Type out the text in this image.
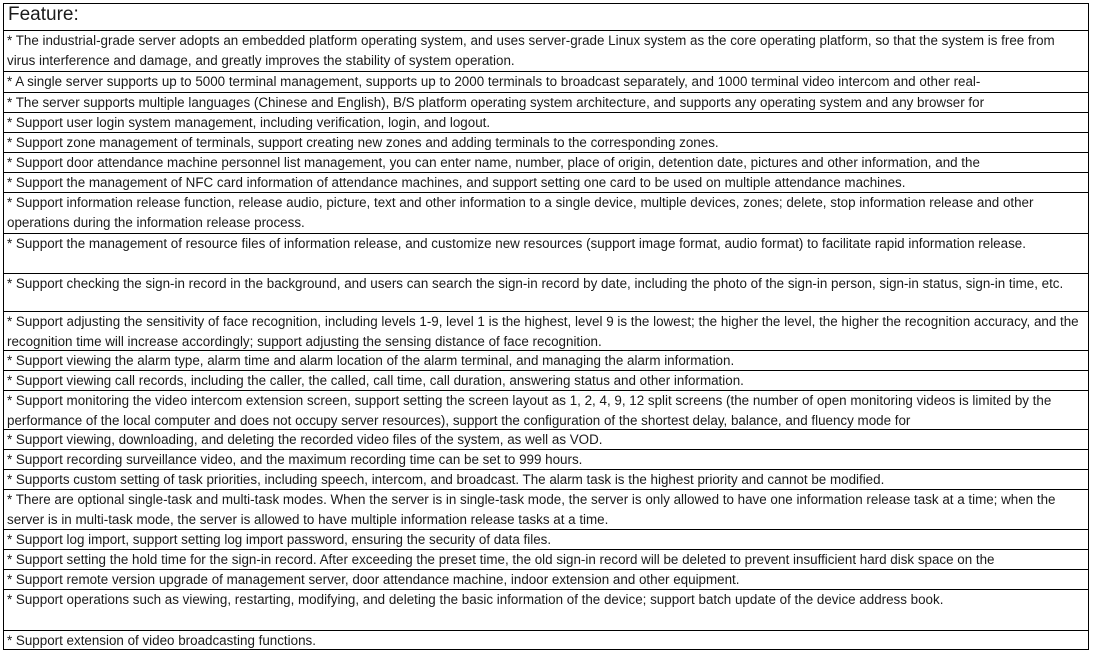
Feature:
* The industrial-grade server adopts an embedded platform operating system, and uses server-grade Linux system as the core operating platform, so that the system is free from virus interference and damage, and greatly improves the stability of system operation.
* A single server supports up to 5000 terminal management, supports up to 2000 terminals to broadcast separately, and 1000 terminal video intercom and other real-
* The server supports multiple languages (Chinese and English), B/S platform operating system architecture, and supports any operating system and any browser for
* Support user login system management, including verification, login, and logout.
* Support zone management of terminals, support creating new zones and adding terminals to the corresponding zones.
* Support door attendance machine personnel list management, you can enter name, number, place of origin, detention date, pictures and other information, and the
* Support the management of NFC card information of attendance machines, and support setting one card to be used on multiple attendance machines.
* Support information release function, release audio, picture, text and other information to a single device, multiple devices, zones; delete, stop information release and other operations during the information release process.
* Support the management of resource files of information release, and customize new resources (support image format, audio format) to facilitate rapid information release.
* Support checking the sign-in record in the background, and users can search the sign-in record by date, including the photo of the sign-in person, sign-in status, sign-in time, etc.
* Support adjusting the sensitivity of face recognition, including levels 1-9, level 1 is the highest, level 9 is the lowest; the higher the level, the higher the recognition accuracy, and the recognition time will increase accordingly; support adjusting the sensing distance of face recognition.
* Support viewing the alarm type, alarm time and alarm location of the alarm terminal, and managing the alarm information.
* Support viewing call records, including the caller, the called, call time, call duration, answering status and other information.
* Support monitoring the video intercom extension screen, support setting the screen layout as 1, 2, 4, 9, 12 split screens (the number of open monitoring videos is limited by the performance of the local computer and does not occupy server resources), support the configuration of the shortest delay, balance, and fluency mode for
* Support viewing, downloading, and deleting the recorded video files of the system, as well as VOD.
* Support recording surveillance video, and the maximum recording time can be set to 999 hours.
* Supports custom setting of task priorities, including speech, intercom, and broadcast. The alarm task is the highest priority and cannot be modified.
* There are optional single-task and multi-task modes. When the server is in single-task mode, the server is only allowed to have one information release task at a time; when the server is in multi-task mode, the server is allowed to have multiple information release tasks at a time.
* Support log import, support setting log import password, ensuring the security of data files.
* Support setting the hold time for the sign-in record. After exceeding the preset time, the old sign-in record will be deleted to prevent insufficient hard disk space on the
* Support remote version upgrade of management server, door attendance machine, indoor extension and other equipment.
* Support operations such as viewing, restarting, modifying, and deleting the basic information of the device; support batch update of the device address book.
* Support extension of video broadcasting functions.
